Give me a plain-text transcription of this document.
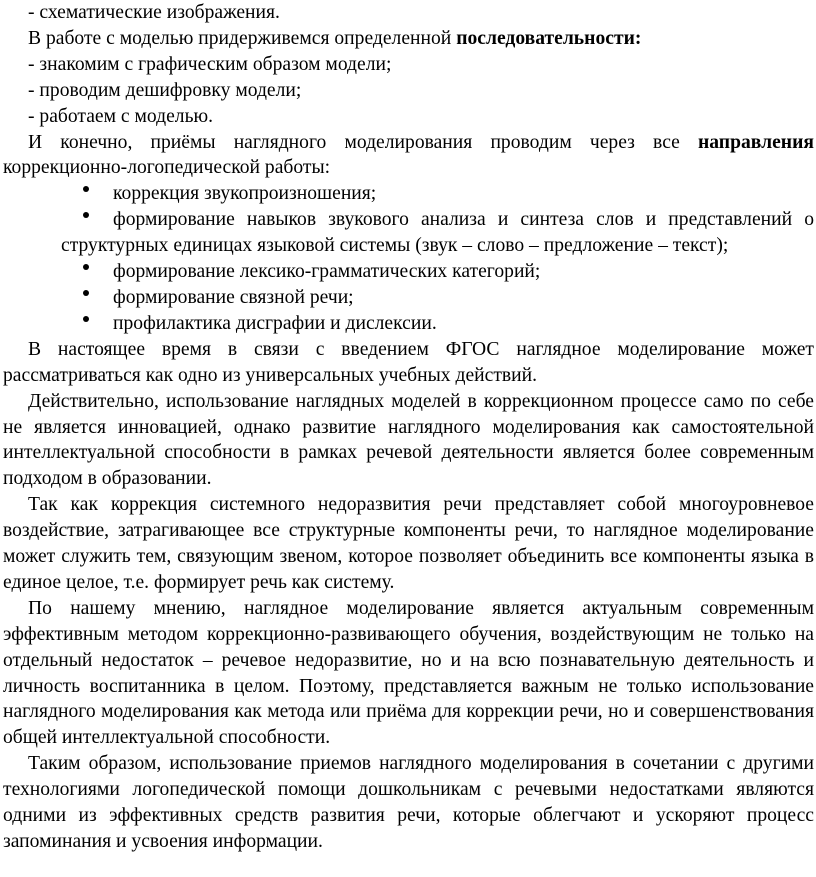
- схематические изображения.

В работе с моделью придерживемся определенной последовательности:

- знакомим с графическим образом модели;

- проводим дешифровку модели;

- работаем с моделью.

И конечно, приёмы наглядного моделирования проводим через все направления коррекционно-логопедической работы:

коррекция звукопроизношения;
формирование навыков звукового анализа и синтеза слов и представлений о структурных единицах языковой системы (звук – слово – предложение – текст);
формирование лексико-грамматических категорий;
формирование связной речи;
профилактика дисграфии и дислексии.

В настоящее время в связи с введением ФГОС наглядное моделирование может рассматриваться как одно из универсальных учебных действий.

Действительно, использование наглядных моделей в коррекционном процессе само по себе не является инновацией, однако развитие наглядного моделирования как самостоятельной интеллектуальной способности в рамках речевой деятельности является более современным подходом в образовании.

Так как коррекция системного недоразвития речи представляет собой многоуровневое воздействие, затрагивающее все структурные компоненты речи, то наглядное моделирование может служить тем, связующим звеном, которое позволяет объединить все компоненты языка в единое целое, т.е. формирует речь как систему.

По нашему мнению, наглядное моделирование является актуальным современным эффективным методом коррекционно-развивающего обучения, воздействующим не только на отдельный недостаток – речевое недоразвитие, но и на всю познавательную деятельность и личность воспитанника в целом. Поэтому, представляется важным не только использование наглядного моделирования как метода или приёма для коррекции речи, но и совершенствования общей интеллектуальной способности.

Таким образом, использование приемов наглядного моделирования в сочетании с другими технологиями логопедической помощи дошкольникам с речевыми недостатками являются одними из эффективных средств развития речи, которые облегчают и ускоряют процесс запоминания и усвоения информации.
